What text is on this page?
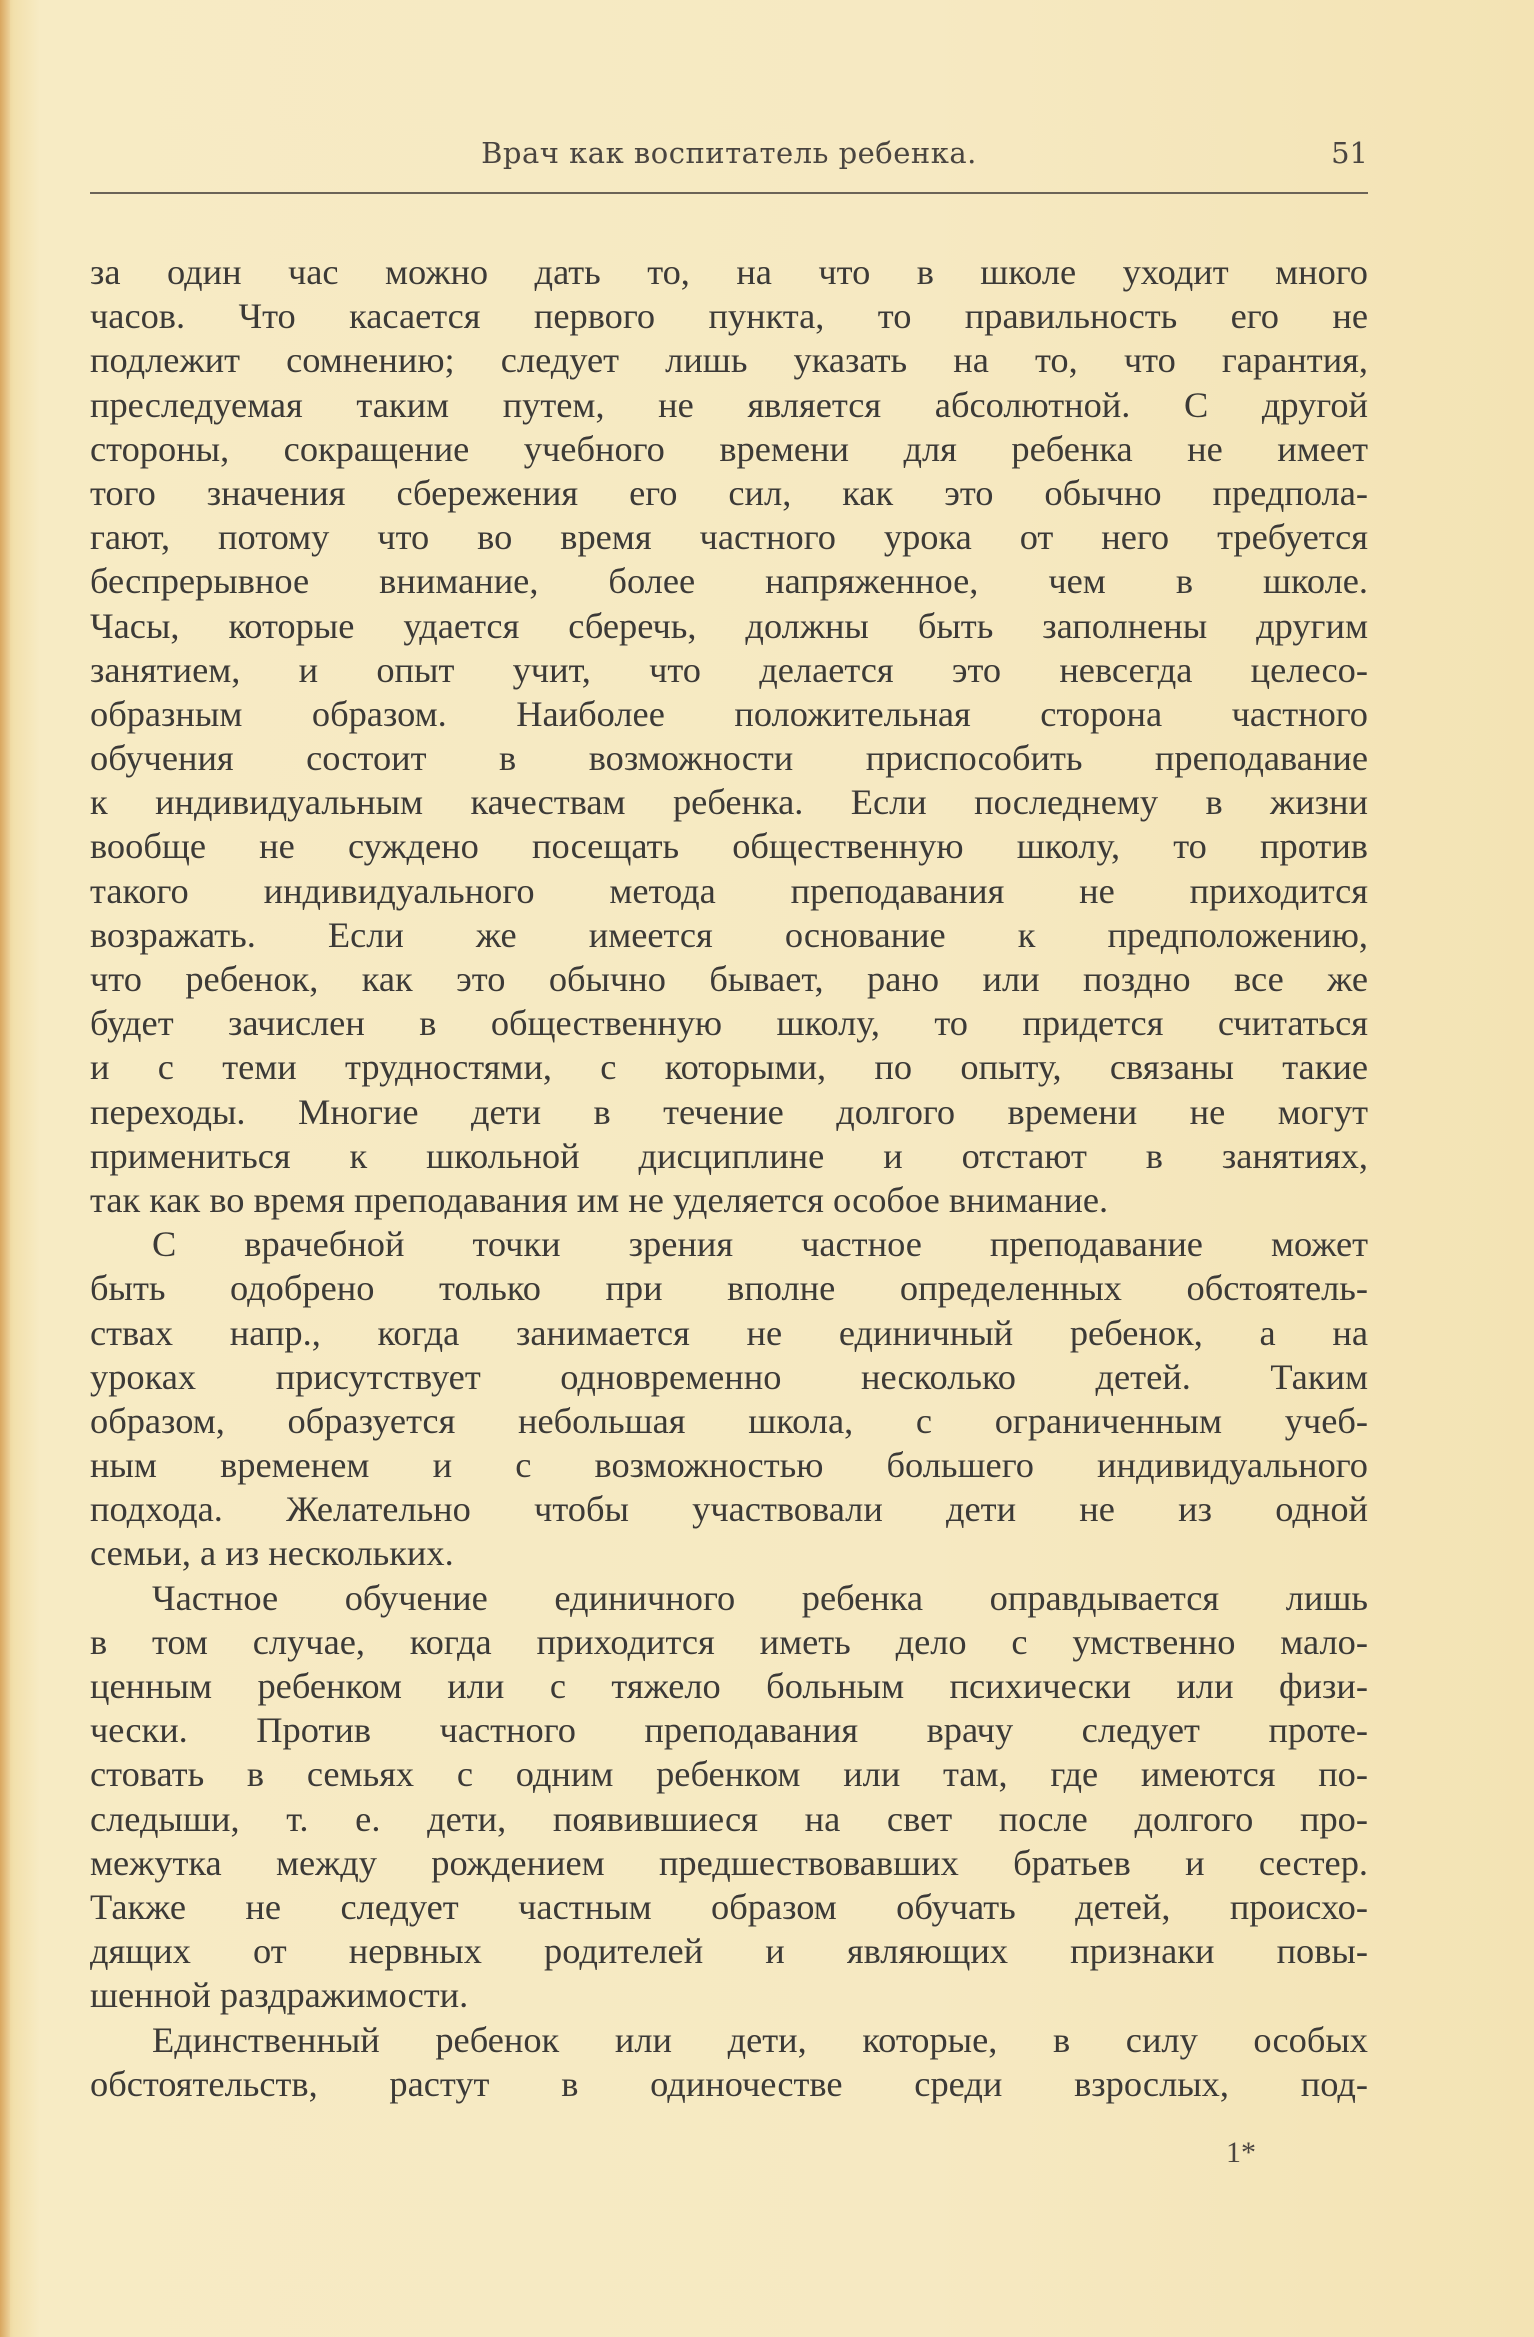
Врач как воспитатель ребенка.	51
за один час можно дать то, на что в школе уходит много
часов. Что касается первого пункта, то правильность его не
подлежит сомнению; следует лишь указать на то, что гарантия,
преследуемая таким путем, не является абсолютной. С другой
стороны, сокращение учебного времени для ребенка не имеет
того значения сбережения его сил, как это обычно предпола-
гают, потому что во время частного урока от него требуется
беспрерывное внимание, более напряженное, чем в школе.
Часы, которые удается сберечь, должны быть заполнены другим
занятием, и опыт учит, что делается это невсегда целесо-
образным образом. Наиболее положительная сторона частного
обучения состоит в возможности приспособить преподавание
к индивидуальным качествам ребенка. Если последнему в жизни
вообще не суждено посещать общественную школу, то против
такого индивидуального метода преподавания не приходится
возражать. Если же имеется основание к предположению,
что ребенок, как это обычно бывает, рано или поздно все же
будет зачислен в общественную школу, то придется считаться
и с теми трудностями, с которыми, по опыту, связаны такие
переходы. Многие дети в течение долгого времени не могут
примениться к школьной дисциплине и отстают в занятиях,
так как во время преподавания им не уделяется особое внимание.
С врачебной точки зрения частное преподавание может
быть одобрено только при вполне определенных обстоятель-
ствах напр., когда занимается не единичный ребенок, а на
уроках присутствует одновременно несколько детей. Таким
образом, образуется небольшая школа, с ограниченным учеб-
ным временем и с возможностью большего индивидуального
подхода. Желательно чтобы участвовали дети не из одной
семьи, а из нескольких.
Частное обучение единичного ребенка оправдывается лишь
в том случае, когда приходится иметь дело с умственно мало-
ценным ребенком или с тяжело больным психически или физи-
чески. Против частного преподавания врачу следует проте-
стовать в семьях с одним ребенком или там, где имеются по-
следыши, т. е. дети, появившиеся на свет после долгого про-
межутка между рождением предшествовавших братьев и сестер.
Также не следует частным образом обучать детей, происхо-
дящих от нервных родителей и являющих признаки повы-
шенной раздражимости.
Единственный ребенок или дети, которые, в силу особых
обстоятельств, растут в одиночестве среди взрослых, под-
1*
